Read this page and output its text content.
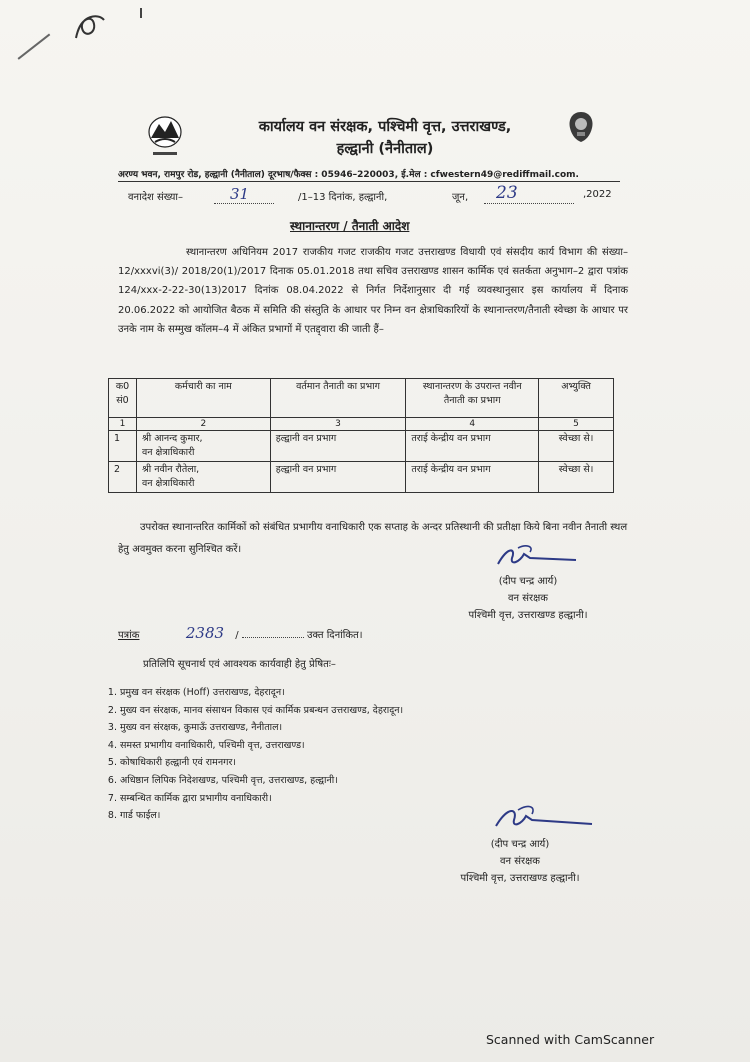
कार्यालय वन संरक्षक, पश्चिमी वृत्त, उत्तराखण्ड,
हल्द्वानी (नैनीताल)
अरण्य भवन, रामपुर रोड, हल्द्वानी (नैनीताल) दूरभाष/फैक्स : 05946–220003, ई.मेल : cfwestern49@rediffmail.com.
वनादेश संख्या–	31	/1–13 दिनांक, हल्द्वानी,	जून, 23	,2022
स्थानान्तरण / तैनाती आदेश
स्थानान्तरण अधिनियम 2017 राजकीय गजट राजकीय गजट उत्तराखण्ड विधायी एवं संसदीय कार्य विभाग की संख्या–12/xxxvi(3)/ 2018/20(1)/2017 दिनाक 05.01.2018 तथा सचिव उत्तराखण्ड शासन कार्मिक एवं सतर्कता अनुभाग–2 द्वारा पत्रांक 124/xxx-2-22-30(13)2017 दिनांक 08.04.2022 से निर्गत निर्देशानुसार दी गई व्यवस्थानुसार इस कार्यालय में दिनाक 20.06.2022 को आयोजित बैठक में समिति की संस्तुति के आधार पर निम्न वन क्षेत्राधिकारियों के स्थानान्तरण/तैनाती स्वेच्छा के आधार पर उनके नाम के सम्मुख कॉलम–4 में अंकित प्रभागों में एतद्द्वारा की जाती हैं–
क0 सं0	कर्मचारी का नाम	वर्तमान तैनाती का प्रभाग	स्थानान्तरण के उपरान्त नवीन तैनाती का प्रभाग	अभ्युक्ति
1	2	3	4	5
1	श्री आनन्द कुमार,
वन क्षेत्राधिकारी	हल्द्वानी वन प्रभाग	तराई केन्द्रीय वन प्रभाग	स्वेच्छा से।
2	श्री नवीन रौतेला,
वन क्षेत्राधिकारी	हल्द्वानी वन प्रभाग	तराई केन्द्रीय वन प्रभाग	स्वेच्छा से।
उपरोक्त स्थानान्तरित कार्मिकों को संबंधित प्रभागीय वनाधिकारी एक सप्ताह के अन्दर प्रतिस्थानी की प्रतीक्षा किये बिना नवीन तैनाती स्थल हेतु अवमुक्त करना सुनिश्चित करें।
(दीप चन्द्र आर्य)
वन संरक्षक
पश्चिमी वृत्त, उत्तराखण्ड हल्द्वानी।
पत्रांक	2383 /	उक्त दिनांकित।
प्रतिलिपि सूचनार्थ एवं आवश्यक कार्यवाही हेतु प्रेषितः–
1. प्रमुख वन संरक्षक (Hoff) उत्तराखण्ड, देहरादून।
2. मुख्य वन संरक्षक, मानव संसाधन विकास एवं कार्मिक प्रबन्धन उत्तराखण्ड, देहरादून।
3. मुख्य वन संरक्षक, कुमाऊँ उत्तराखण्ड, नैनीताल।
4. समस्त प्रभागीय वनाधिकारी, पश्चिमी वृत्त, उत्तराखण्ड।
5. कोषाधिकारी हल्द्वानी एवं रामनगर।
6. अधिष्ठान लिपिक निदेशखण्ड, पश्चिमी वृत्त, उत्तराखण्ड, हल्द्वानी।
7. सम्बन्धित कार्मिक द्वारा प्रभागीय वनाधिकारी।
8. गार्ड फाईल।
(दीप चन्द्र आर्य)
वन संरक्षक
पश्चिमी वृत्त, उत्तराखण्ड हल्द्वानी।
Scanned with CamScanner
